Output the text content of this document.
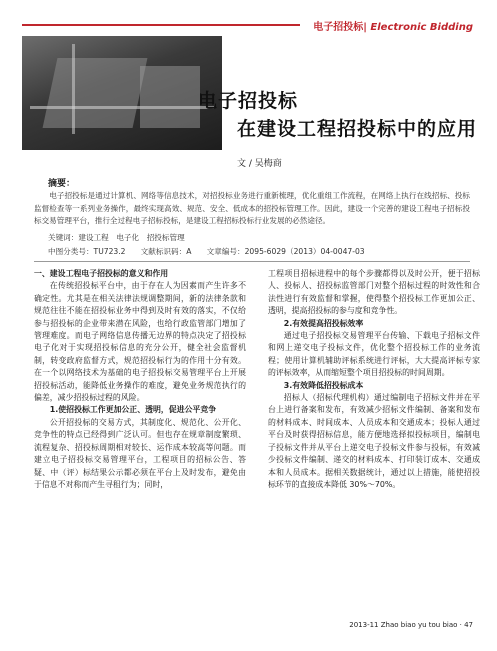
电子招投标| Electronic Bidding
电子招投标
在建设工程招投标中的应用
文 / 吴梅商
摘要：
电子招投标是通过计算机、网络等信息技术，对招投标业务进行重新梳理，优化重组工作流程，在网络上执行在线招标、投标监督检查等一系列业务操作，最终实现高效、规范、安全、低成本的招投标管理工作。因此，建设一个完善的建设工程电子招标投标交易管理平台，推行全过程电子招标投标，是建设工程招标投标行业发展的必然途径。
关键词：建设工程　电子化　招投标管理
中图分类号：TU723.2　　文献标识码：A　　文章编号：2095-6029（2013）04-0047-03

一、建设工程电子招投标的意义和作用

在传统招投标平台中，由于存在人为因素而产生许多不确定性。尤其是在相关法律法规调整期间，新的法律条款和规范往往不能在招投标业务中得到及时有效的落实，不仅给参与招投标的企业带来潜在风险，也给行政监管部门增加了管理难度。而电子网络信息传播无边界的特点决定了招投标电子化对于实现招投标信息的充分公开，健全社会监督机制，转变政府监督方式，规范招投标行为的作用十分有效。在一个以网络技术为基础的电子招投标交易管理平台上开展招投标活动，能降低业务操作的难度，避免业务规范执行的偏差，减少招投标过程的风险。

1.使招投标工作更加公正、透明，促进公平竞争

公开招投标的交易方式，其制度化、规范化、公开化、竞争性的特点已经得到广泛认可。但也存在规章制度繁琐、流程复杂、招投标周期相对较长、运作成本较高等问题。而建立电子招投标交易管理平台，工程项目的招标公告、答疑、中（评）标结果公示都必须在平台上及时发布，避免由于信息不对称而产生寻租行为；同时，

工程项目招标进程中的每个步骤都得以及时公开，便于招标人、投标人、招投标监管部门对整个招标过程的时效性和合法性进行有效监督和掌握，使得整个招投标工作更加公正、透明，提高招投标的参与度和竞争性。

2.有效提高招投标效率

通过电子招投标交易管理平台传输、下载电子招标文件和网上递交电子投标文件，优化整个招投标工作的业务流程；使用计算机辅助评标系统进行评标，大大提高评标专家的评标效率，从而缩短整个项目招投标的时间周期。

3.有效降低招投标成本

招标人（招标代理机构）通过编制电子招标文件并在平台上进行备案和发布，有效减少招标文件编制、备案和发布的材料成本、时间成本、人员成本和交通成本；投标人通过平台及时获得招标信息，能方便地选择拟投标项目，编制电子投标文件并从平台上递交电子投标文件参与投标，有效减少投标文件编制、递交的材料成本、打印装订成本、交通成本和人员成本。据相关数据统计，通过以上措施，能使招投标环节的直接成本降低 30%～70%。

2013-11 Zhao biao yu tou biao · 47
